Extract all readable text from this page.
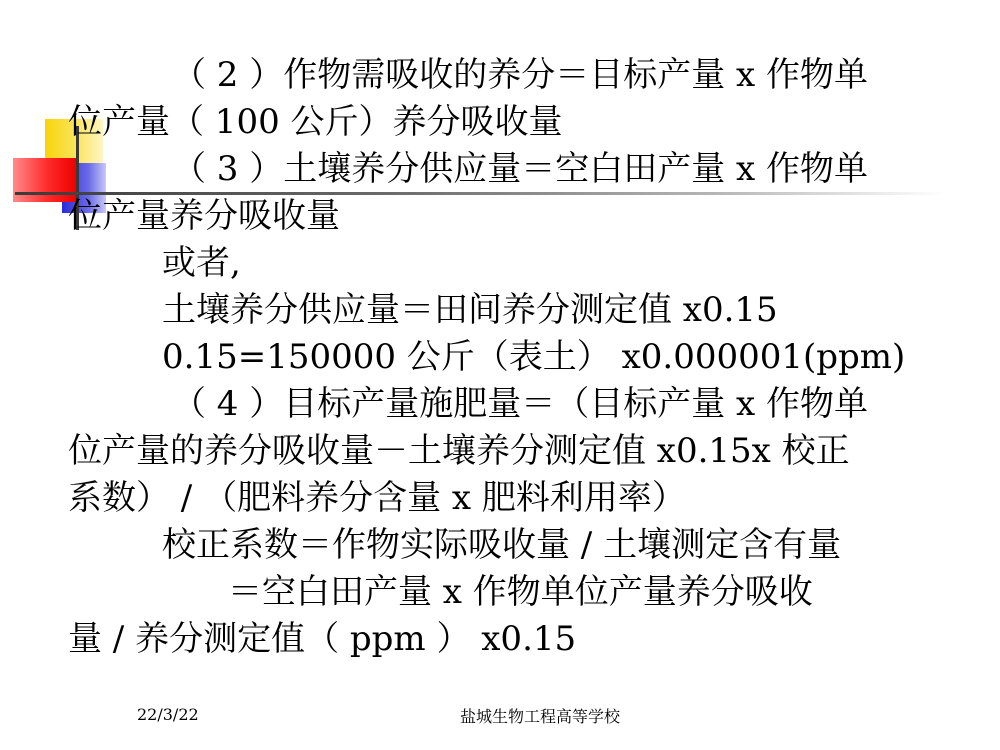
（ 2 ）作物需吸收的养分＝目标产量 x 作物单
位产量（ 100 公斤）养分吸收量
（ 3 ）土壤养分供应量＝空白田产量 x 作物单
位产量养分吸收量
或者,
土壤养分供应量＝田间养分测定值 x0.15
0.15=150000 公斤（表土） x0.000001(ppm)
（ 4 ）目标产量施肥量＝（目标产量 x 作物单
位产量的养分吸收量－土壤养分测定值 x0.15x 校正
系数） / （肥料养分含量 x 肥料利用率）
校正系数＝作物实际吸收量 / 土壤测定含有量
＝空白田产量 x 作物单位产量养分吸收
量 / 养分测定值（ ppm ） x0.15
22/3/22	盐城生物工程高等学校
